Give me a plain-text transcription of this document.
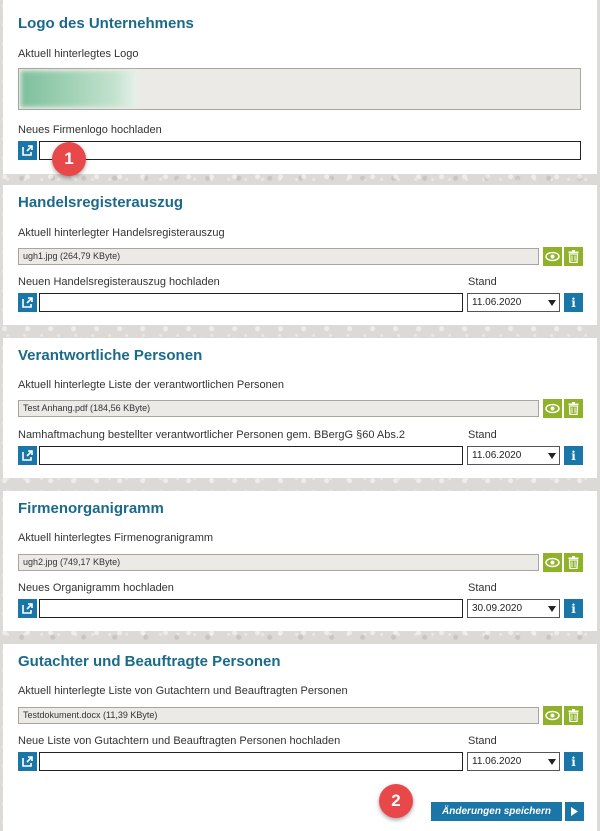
Logo des Unternehmens
Aktuell hinterlegtes Logo
Neues Firmenlogo hochladen
1
Handelsregisterauszug
Aktuell hinterlegter Handelsregisterauszug
ugh1.jpg (264,79 KByte)
Neuen Handelsregisterauszug hochladen	Stand
11.06.2020	i
Verantwortliche Personen
Aktuell hinterlegte Liste der verantwortlichen Personen
Test Anhang.pdf (184,56 KByte)
Namhaftmachung bestellter verantwortlicher Personen gem. BBergG §60 Abs.2	Stand
11.06.2020	i
Firmenorganigramm
Aktuell hinterlegtes Firmenogranigramm
ugh2.jpg (749,17 KByte)
Neues Organigramm hochladen	Stand
30.09.2020	i
Gutachter und Beauftragte Personen
Aktuell hinterlegte Liste von Gutachtern und Beauftragten Personen
Testdokument.docx (11,39 KByte)
Neue Liste von Gutachtern und Beauftragten Personen hochladen	Stand
11.06.2020	i
2
Änderungen speichern
